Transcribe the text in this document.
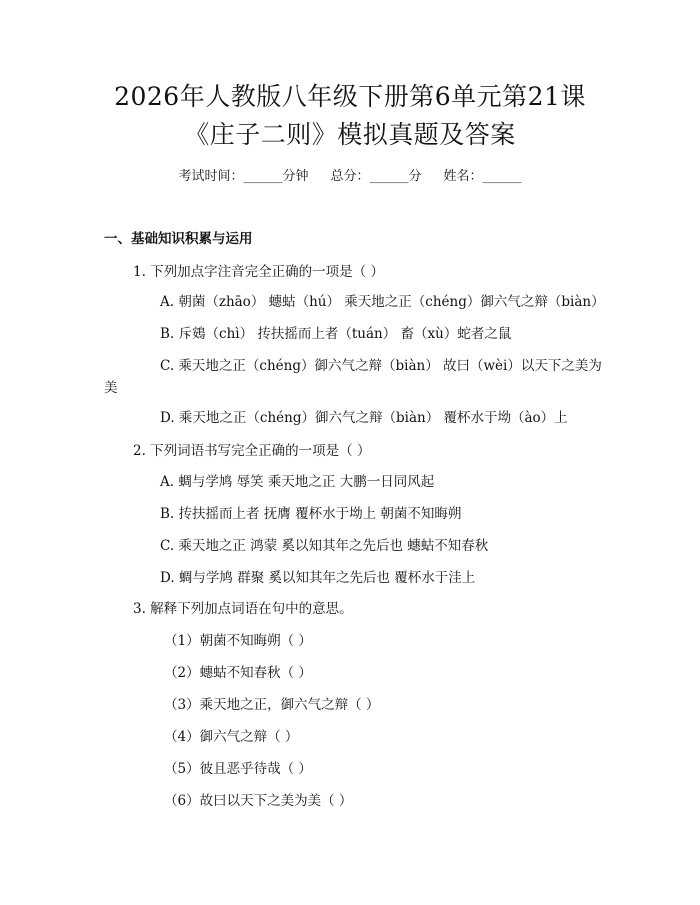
2026年人教版八年级下册第6单元第21课
《庄子二则》模拟真题及答案
考试时间：______分钟 总分：______分 姓名：______
一、基础知识积累与运用
1. 下列加点字注音完全正确的一项是（ ）
A. 朝菌（zhāo） 蟪蛄（hú） 乘天地之正（chéng）御六气之辩（biàn）
B. 斥鴳（chì） 抟扶摇而上者（tuán） 畜（xù）蛇者之鼠
C. 乘天地之正（chéng）御六气之辩（biàn） 故曰（wèi）以天下之美为
美
D. 乘天地之正（chéng）御六气之辩（biàn） 覆杯水于坳（ào）上
2. 下列词语书写完全正确的一项是（ ）
A. 蜩与学鸠 辱笑 乘天地之正 大鹏一日同风起
B. 抟扶摇而上者 抚膺 覆杯水于坳上 朝菌不知晦朔
C. 乘天地之正 鸿蒙 奚以知其年之先后也 蟪蛄不知春秋
D. 蜩与学鸠 群聚 奚以知其年之先后也 覆杯水于洼上
3. 解释下列加点词语在句中的意思。
（1）朝菌不知晦朔（ ）
（2）蟪蛄不知春秋（ ）
（3）乘天地之正，御六气之辩（ ）
（4）御六气之辩（ ）
（5）彼且恶乎待哉（ ）
（6）故曰以天下之美为美（ ）
